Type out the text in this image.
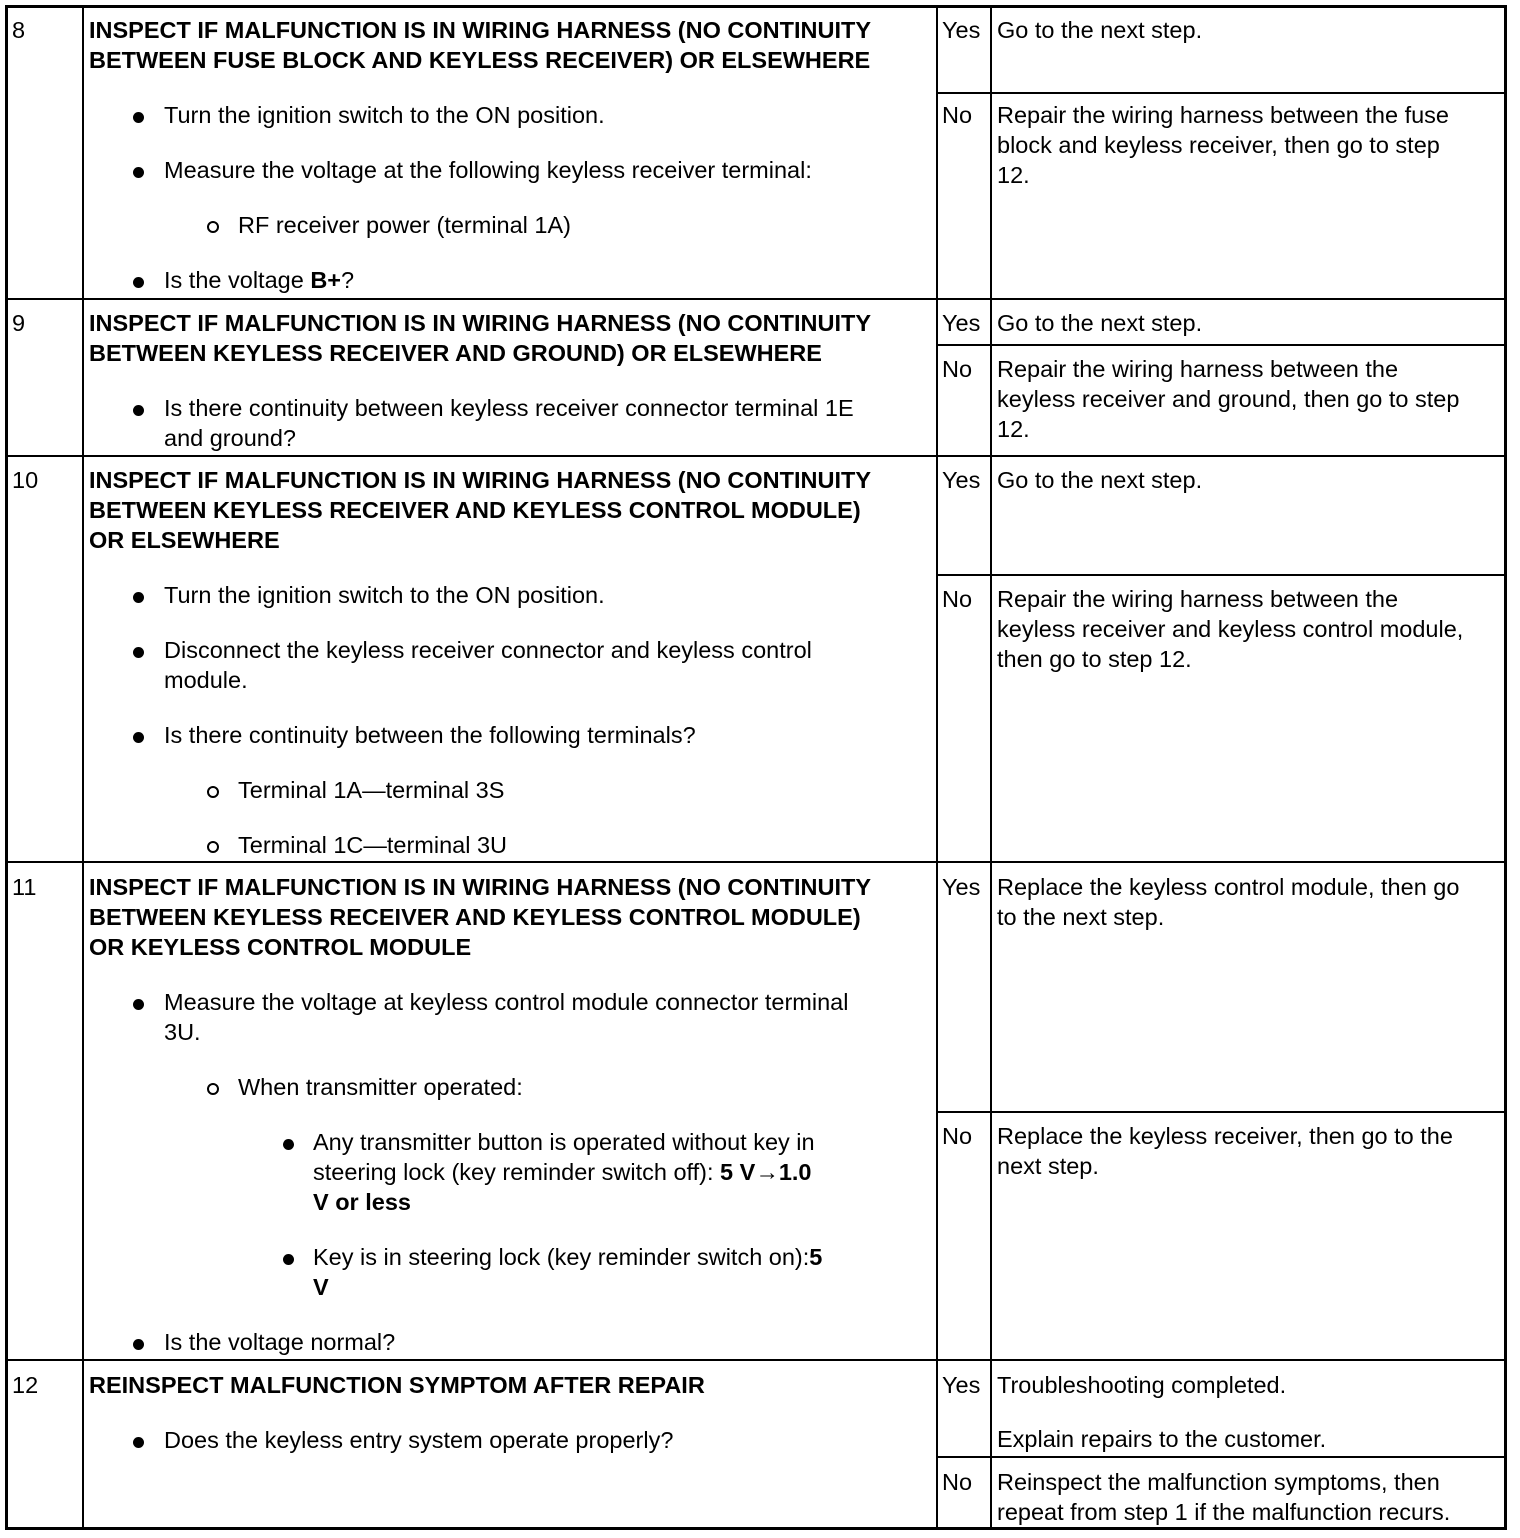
8	INSPECT IF MALFUNCTION IS IN WIRING HARNESS (NO CONTINUITY
BETWEEN FUSE BLOCK AND KEYLESS RECEIVER) OR ELSEWHERE
Turn the ignition switch to the ON position.
Measure the voltage at the following keyless receiver terminal:
RF receiver power (terminal 1A)
Is the voltage B+?
Yes Go to the next step.
No Repair the wiring harness between the fuse
block and keyless receiver, then go to step
12.
9	INSPECT IF MALFUNCTION IS IN WIRING HARNESS (NO CONTINUITY
BETWEEN KEYLESS RECEIVER AND GROUND) OR ELSEWHERE
Is there continuity between keyless receiver connector terminal 1E
and ground?
Yes Go to the next step.
No Repair the wiring harness between the
keyless receiver and ground, then go to step
12.
10 INSPECT IF MALFUNCTION IS IN WIRING HARNESS (NO CONTINUITY
BETWEEN KEYLESS RECEIVER AND KEYLESS CONTROL MODULE)
OR ELSEWHERE
Turn the ignition switch to the ON position.
Disconnect the keyless receiver connector and keyless control
module.
Is there continuity between the following terminals?
Terminal 1A—terminal 3S
Terminal 1C—terminal 3U
Yes Go to the next step.
No Repair the wiring harness between the
keyless receiver and keyless control module,
then go to step 12.
11 INSPECT IF MALFUNCTION IS IN WIRING HARNESS (NO CONTINUITY
BETWEEN KEYLESS RECEIVER AND KEYLESS CONTROL MODULE)
OR KEYLESS CONTROL MODULE
Measure the voltage at keyless control module connector terminal
3U.
When transmitter operated:
Any transmitter button is operated without key in
steering lock (key reminder switch off): 5 V→1.0
V or less
Key is in steering lock (key reminder switch on):5
V
Is the voltage normal?
Yes Replace the keyless control module, then go
to the next step.
No Replace the keyless receiver, then go to the
next step.
12 REINSPECT MALFUNCTION SYMPTOM AFTER REPAIR
Does the keyless entry system operate properly?
Yes Troubleshooting completed.
Explain repairs to the customer.
No Reinspect the malfunction symptoms, then
repeat from step 1 if the malfunction recurs.
